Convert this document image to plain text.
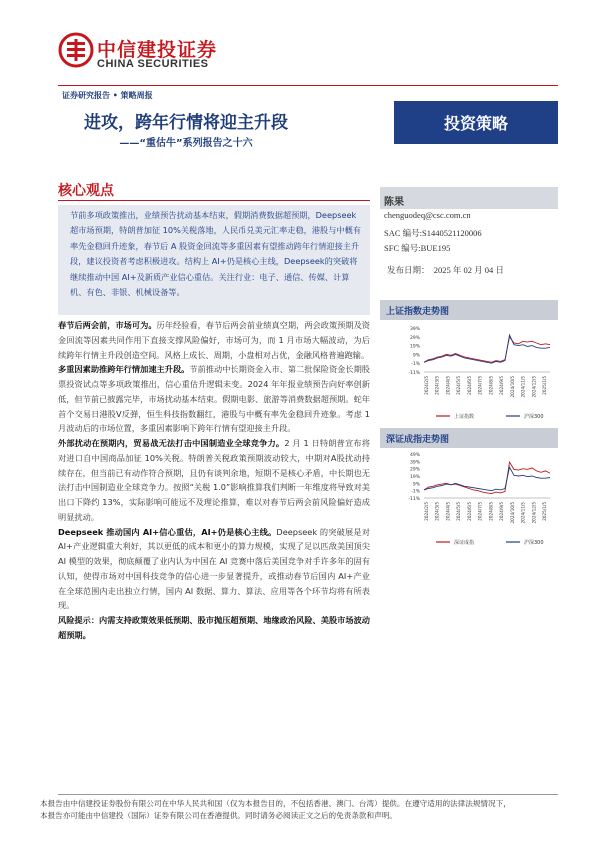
中信建投证券
CHINA SECURITIES
证券研究报告 • 策略周报
进攻，跨年行情将迎主升段
——“重估牛”系列报告之十六
投资策略
核心观点
节前多项政策推出，业绩预告扰动基本结束，假期消费数据超预期，Deepseek超市场预期，特朗普加征 10%关税落地，人民币兑美元汇率走稳，港股与中概有率先金稳回升迹象，春节后 A 股资金回流等多重因素有望推动跨年行情迎接主升段，建议投资者考虑积极进攻。结构上 AI+仍是核心主线，Deepseek的突破将继续推动中国 AI+及新质产业信心重估。关注行业：电子、通信、传媒、计算机、有色、非银、机械设备等。

春节后两会前，市场可为。历年经验看，春节后两会前业绩真空期，两会政策预期及资金回流等因素共同作用下直接支撑风险偏好，市场可为，而 1 月市场大幅波动，为后续跨年行情主升段创造空间。风格上成长、周期，小盘相对占优，金融风格普遍跑输。

多重因素助推跨年行情加速主升段。节前推动中长期资金入市、第二批保险资金长期股票投资试点等多项政策推出，信心重估升逻辑未变。2024 年年报业绩预告向好率创新低，但节前已披露完毕，市场扰动基本结束。假期电影、旅游等消费数据超预期。蛇年首个交易日港股V反弹，恒生科技指数翻红，港股与中概有率先金稳回升迹象。考虑 1 月波动后的市场位置，多重因素影响下跨年行情有望迎接主升段。

外部扰动在预期内，贸易战无法打击中国制造业全球竞争力。2 月 1 日特朗普宣布将对进口自中国商品加征 10%关税。特朗普关税政策预期波动较大，中期对A股扰动持续存在，但当前已有动作符合预期，且仍有谈判余地，短期不是核心矛盾，中长期也无法打击中国制造业全球竞争力。按照“关税 1.0”影响推算我们判断一年维度将导致对美出口下降约 13%，实际影响可能远不及理论推算，难以对春节后两会前风险偏好造成明显扰动。

Deepseek 推动国内 AI+信心重估，AI+仍是核心主线。Deepseek 的突破展是对 AI+产业逻辑重大利好，其以更低的成本和更小的算力规模，实现了足以匹敌美国顶尖 AI 模型的效果，彻底颠覆了业内认为中国在 AI 竞赛中落后美国竞争对手许多年的固有认知，使得市场对中国科技竞争的信心进一步显著提升，或推动春节后国内 AI+产业在全球范围内走出独立行情，国内 AI 数据、算力、算法、应用等各个环节均将有所表现。

风险提示：内需支持政策效果低预期、股市抛压超预期、地缘政治风险、美股市场波动超预期。

陈果
chenguodeq@csc.com.cn
SAC 编号:S1440521120006
SFC 编号:BUE195
发布日期： 2025 年 02 月 04 日
上证指数走势图
39%
29%
19%
9%
-1%
-11%
2024/2/5 2024/3/5 2024/4/5 2024/5/5 2024/6/5 2024/7/5 2024/8/5 2024/9/5 2024/10/5 2024/11/5 2024/12/5 2025/1/5
上证指数	沪深300
深证成指走势图
49%
39%
29%
19%
9%
-1%
-11%
2024/2/5 2024/3/5 2024/4/5 2024/5/5 2024/6/5 2024/7/5 2024/8/5 2024/9/5 2024/10/5 2024/11/5 2024/12/5 2025/1/5
深证成指	沪深300
本报告由中信建投证券股份有限公司在中华人民共和国（仅为本报告目的，不包括香港、澳门、台湾）提供。在遵守适用的法律法规情况下，
本报告亦可能由中信建投（国际）证券有限公司在香港提供。同时请务必阅读正文之后的免责条款和声明。
